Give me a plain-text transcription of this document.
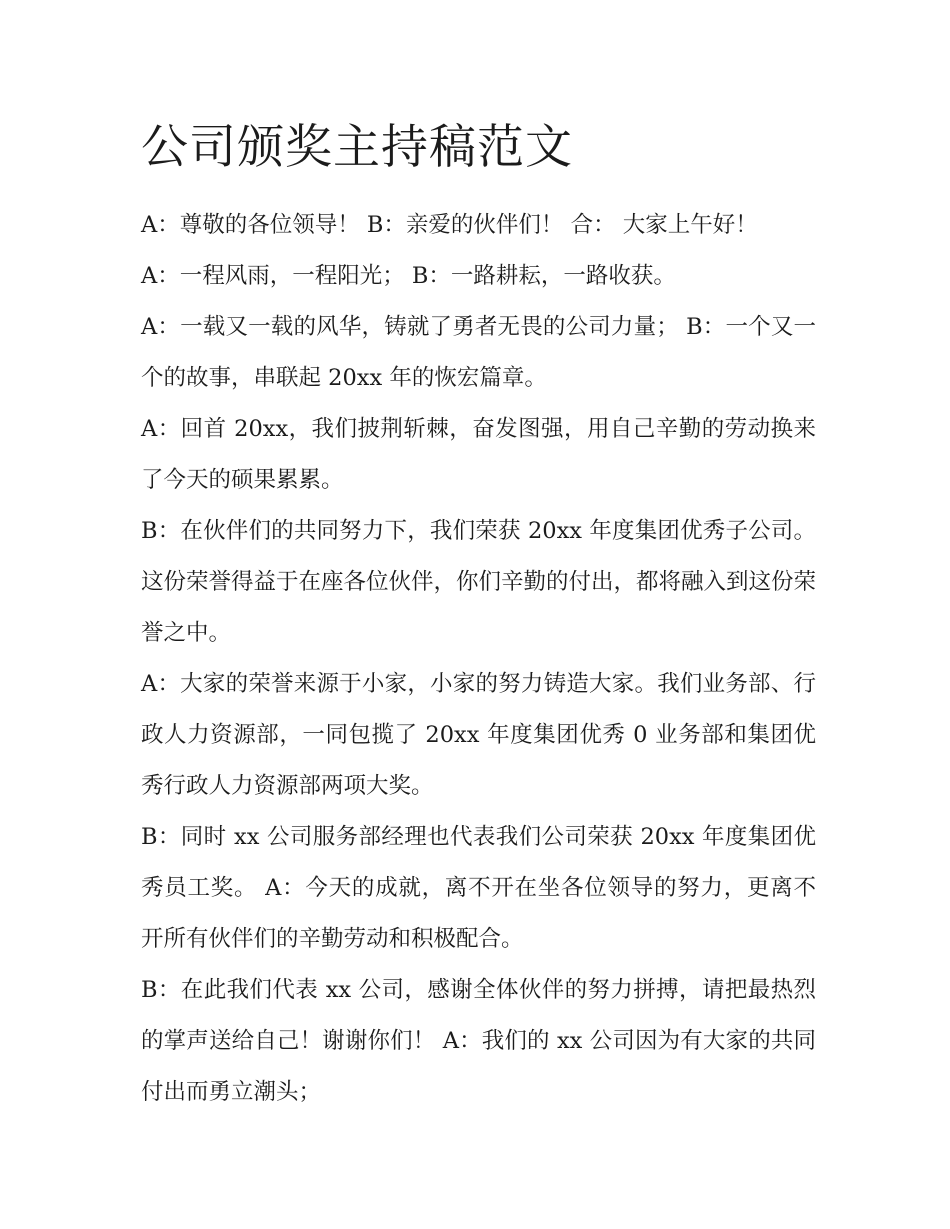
公司颁奖主持稿范文

A：尊敬的各位领导！ B：亲爱的伙伴们！ 合： 大家上午好！

A：一程风雨，一程阳光； B：一路耕耘，一路收获。

A：一载又一载的风华，铸就了勇者无畏的公司力量； B：一个又一个的故事，串联起 20xx 年的恢宏篇章。

A：回首 20xx，我们披荆斩棘，奋发图强，用自己辛勤的劳动换来了今天的硕果累累。

B：在伙伴们的共同努力下，我们荣获 20xx 年度集团优秀子公司。这份荣誉得益于在座各位伙伴，你们辛勤的付出，都将融入到这份荣誉之中。

A：大家的荣誉来源于小家，小家的努力铸造大家。我们业务部、行政人力资源部，一同包揽了 20xx 年度集团优秀 0 业务部和集团优秀行政人力资源部两项大奖。

B：同时 xx 公司服务部经理也代表我们公司荣获 20xx 年度集团优秀员工奖。 A：今天的成就，离不开在坐各位领导的努力，更离不开所有伙伴们的辛勤劳动和积极配合。

B：在此我们代表 xx 公司，感谢全体伙伴的努力拼搏，请把最热烈的掌声送给自己！谢谢你们！ A：我们的 xx 公司因为有大家的共同付出而勇立潮头；
